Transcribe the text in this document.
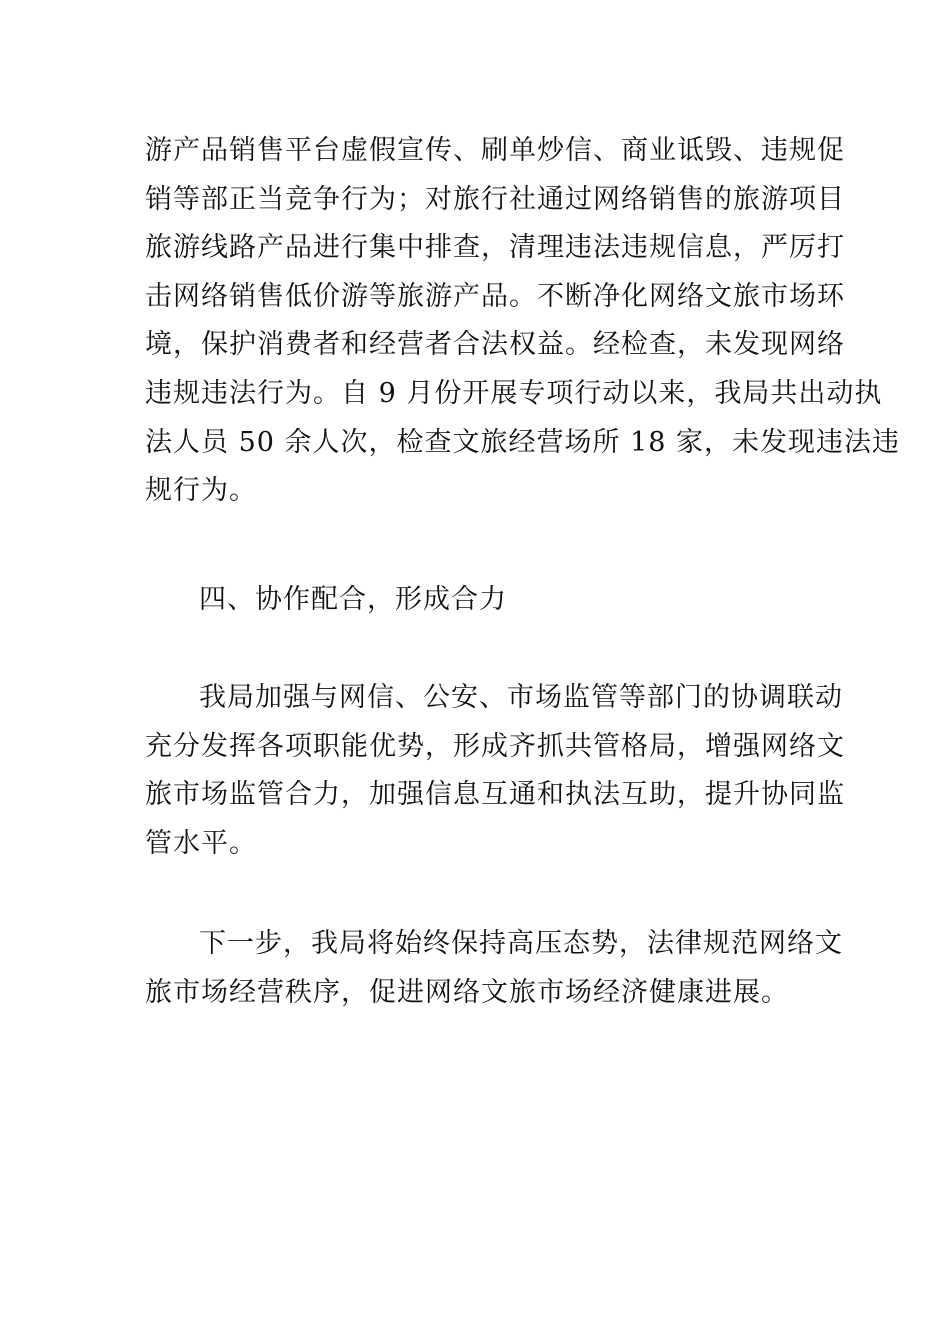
游产品销售平台虚假宣传、刷单炒信、商业诋毁、违规促
销等部正当竞争行为；对旅行社通过网络销售的旅游项目
旅游线路产品进行集中排查，清理违法违规信息，严厉打
击网络销售低价游等旅游产品。不断净化网络文旅市场环
境，保护消费者和经营者合法权益。经检查，未发现网络
违规违法行为。自 9 月份开展专项行动以来，我局共出动执
法人员 50 余人次，检查文旅经营场所 18 家，未发现违法违
规行为。
四、协作配合，形成合力
我局加强与网信、公安、市场监管等部门的协调联动
充分发挥各项职能优势，形成齐抓共管格局，增强网络文
旅市场监管合力，加强信息互通和执法互助，提升协同监
管水平。
下一步，我局将始终保持高压态势，法律规范网络文
旅市场经营秩序，促进网络文旅市场经济健康进展。
